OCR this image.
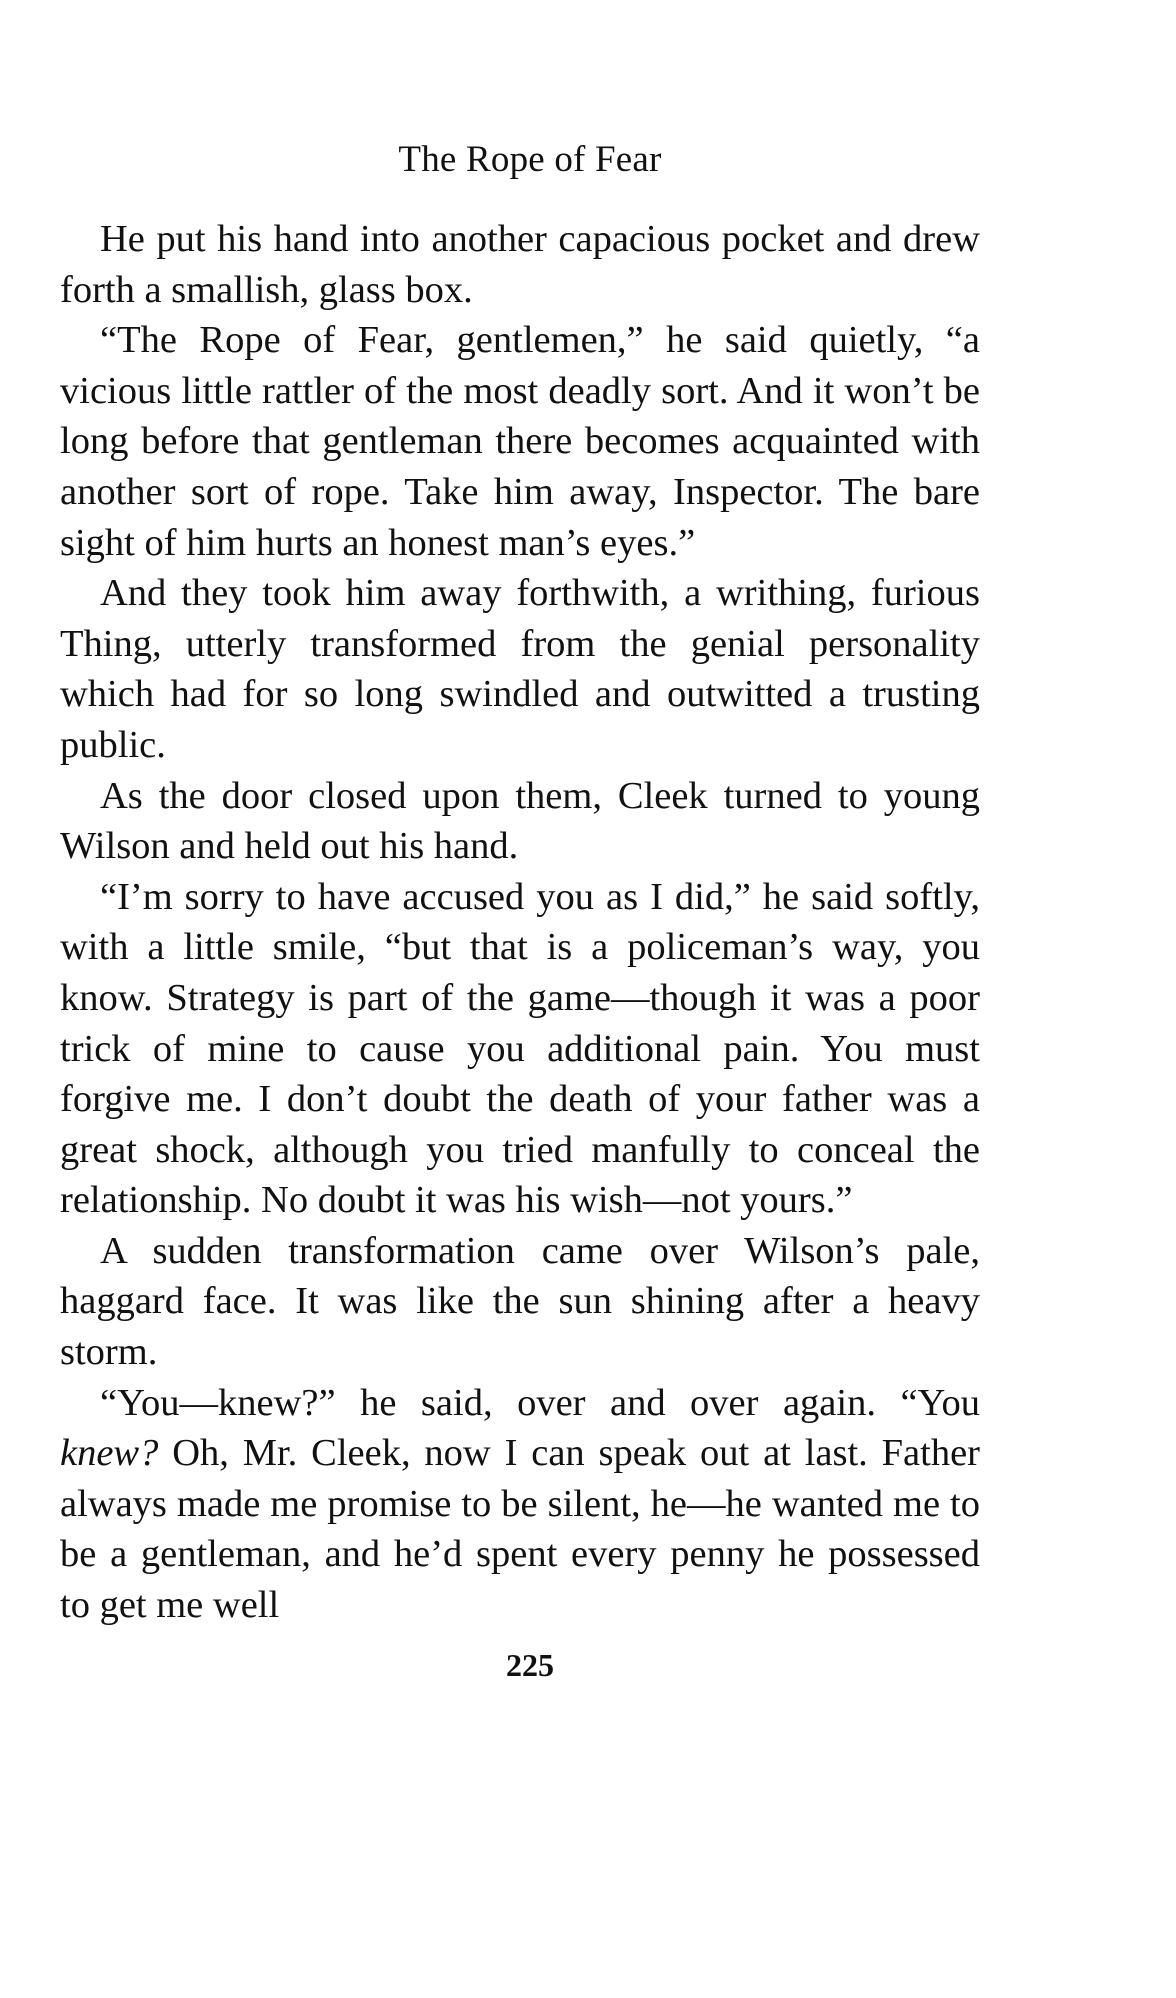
The Rope of Fear

He put his hand into another capacious pocket and drew forth a smallish, glass box.

“The Rope of Fear, gentlemen,” he said quietly, “a vicious little rattler of the most deadly sort. And it won’t be long before that gentleman there becomes acquainted with another sort of rope. Take him away, Inspector. The bare sight of him hurts an honest man’s eyes.”

And they took him away forthwith, a writhing, furious Thing, utterly transformed from the genial personality which had for so long swindled and outwitted a trusting public.

As the door closed upon them, Cleek turned to young Wilson and held out his hand.

“I’m sorry to have accused you as I did,” he said softly, with a little smile, “but that is a policeman’s way, you know. Strategy is part of the game—though it was a poor trick of mine to cause you additional pain. You must forgive me. I don’t doubt the death of your father was a great shock, although you tried manfully to conceal the relationship. No doubt it was his wish—not yours.”

A sudden transformation came over Wilson’s pale, haggard face. It was like the sun shining after a heavy storm.

“You—knew?” he said, over and over again. “You knew? Oh, Mr. Cleek, now I can speak out at last. Father always made me promise to be silent, he—he wanted me to be a gentleman, and he’d spent every penny he possessed to get me well

225
